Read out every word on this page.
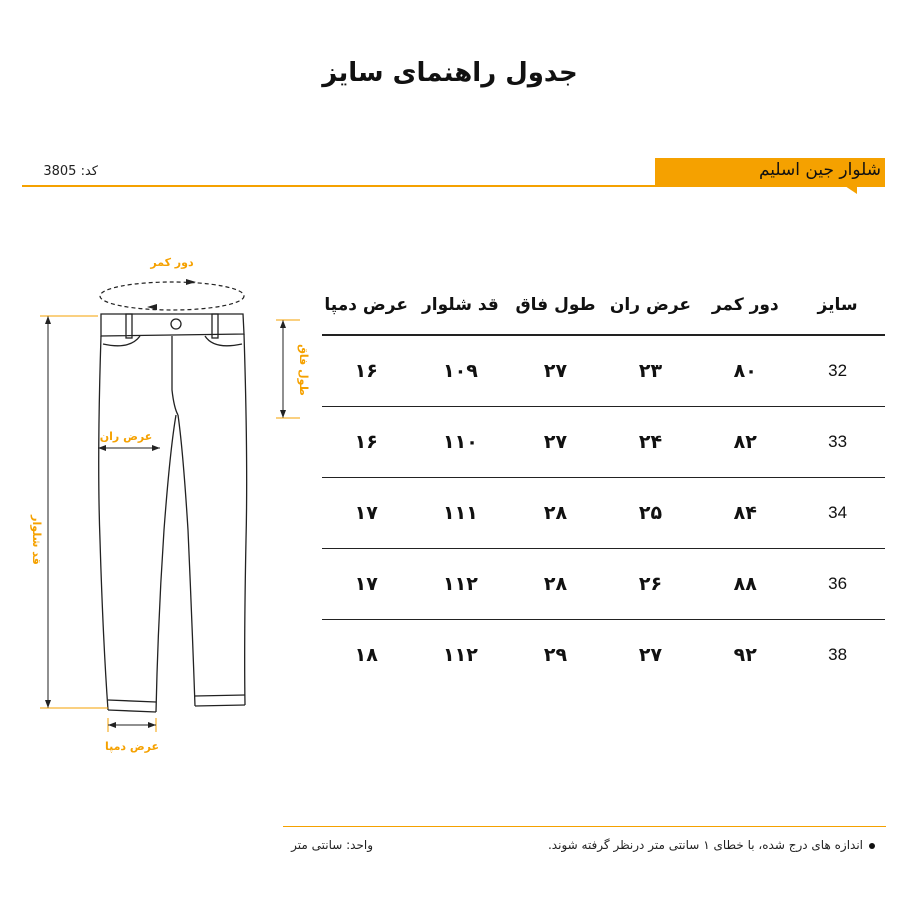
جدول راهنمای سایز
شلوار جین اسلیم
کد: 3805
دور کمر
طول فاق
عرض ران
قد شلوار
عرض دمپا
سایز	دور کمر	عرض ران	طول فاق	قد شلوار	عرض دمپا
32	۸۰	۲۳	۲۷	۱۰۹	۱۶
33	۸۲	۲۴	۲۷	۱۱۰	۱۶
34	۸۴	۲۵	۲۸	۱۱۱	۱۷
36	۸۸	۲۶	۲۸	۱۱۲	۱۷
38	۹۲	۲۷	۲۹	۱۱۲	۱۸
اندازه های درج شده، با خطای ۱ سانتی متر درنظر گرفته شوند.
واحد: سانتی متر
